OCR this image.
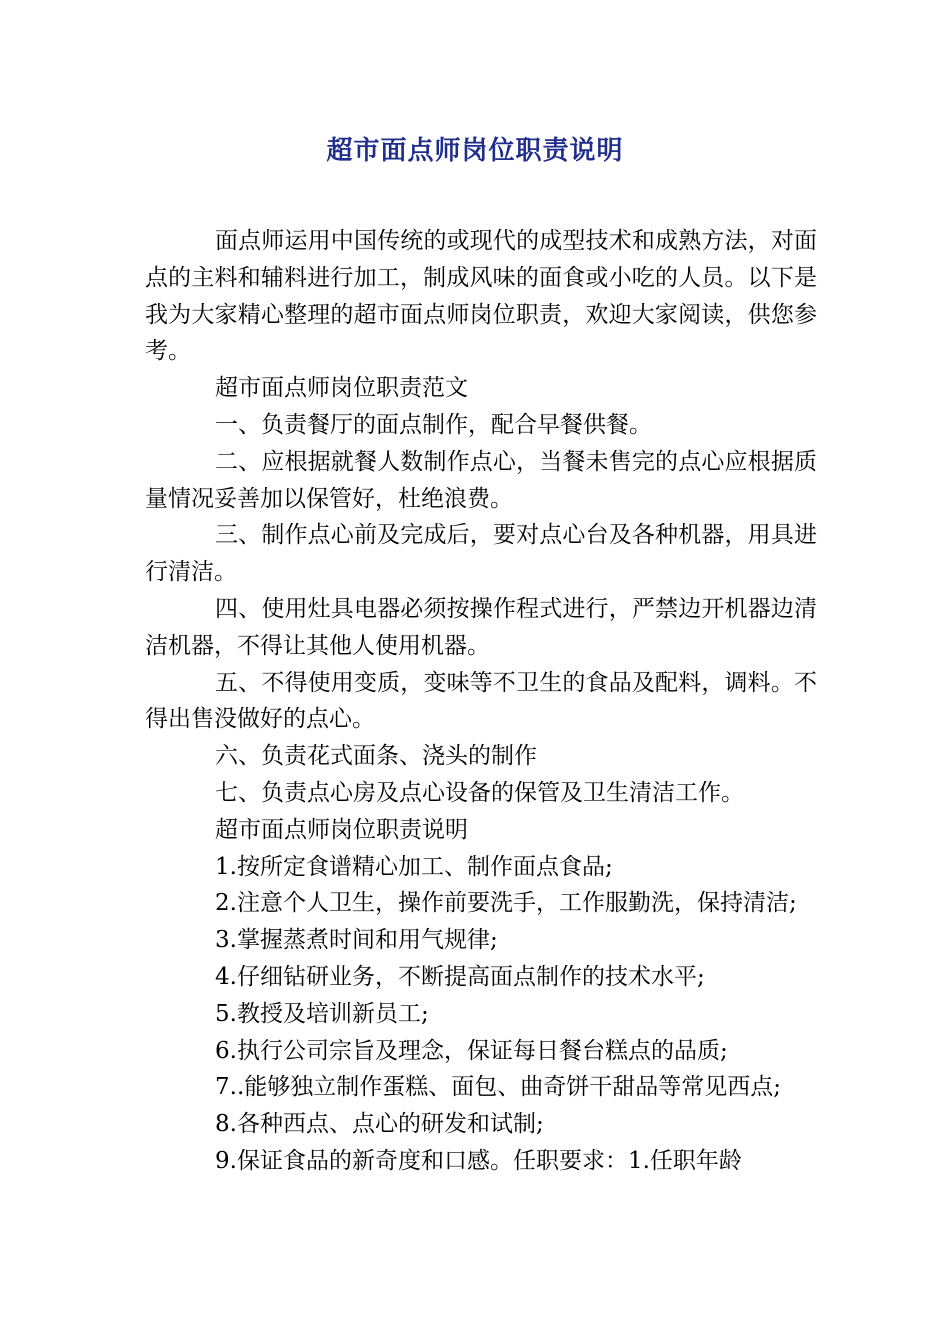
超市面点师岗位职责说明

面点师运用中国传统的或现代的成型技术和成熟方法，对面点的主料和辅料进行加工，制成风味的面食或小吃的人员。以下是我为大家精心整理的超市面点师岗位职责，欢迎大家阅读，供您参考。

超市面点师岗位职责范文

一、负责餐厅的面点制作，配合早餐供餐。

二、应根据就餐人数制作点心，当餐未售完的点心应根据质量情况妥善加以保管好，杜绝浪费。

三、制作点心前及完成后，要对点心台及各种机器，用具进行清洁。

四、使用灶具电器必须按操作程式进行，严禁边开机器边清洁机器，不得让其他人使用机器。

五、不得使用变质，变味等不卫生的食品及配料，调料。不得出售没做好的点心。

六、负责花式面条、浇头的制作

七、负责点心房及点心设备的保管及卫生清洁工作。

超市面点师岗位职责说明

1.按所定食谱精心加工、制作面点食品;

2.注意个人卫生，操作前要洗手，工作服勤洗，保持清洁;

3.掌握蒸煮时间和用气规律;

4.仔细钻研业务，不断提高面点制作的技术水平;

5.教授及培训新员工;

6.执行公司宗旨及理念，保证每日餐台糕点的品质;

7..能够独立制作蛋糕、面包、曲奇饼干甜品等常见西点;

8.各种西点、点心的研发和试制;

9.保证食品的新奇度和口感。任职要求：1.任职年龄
